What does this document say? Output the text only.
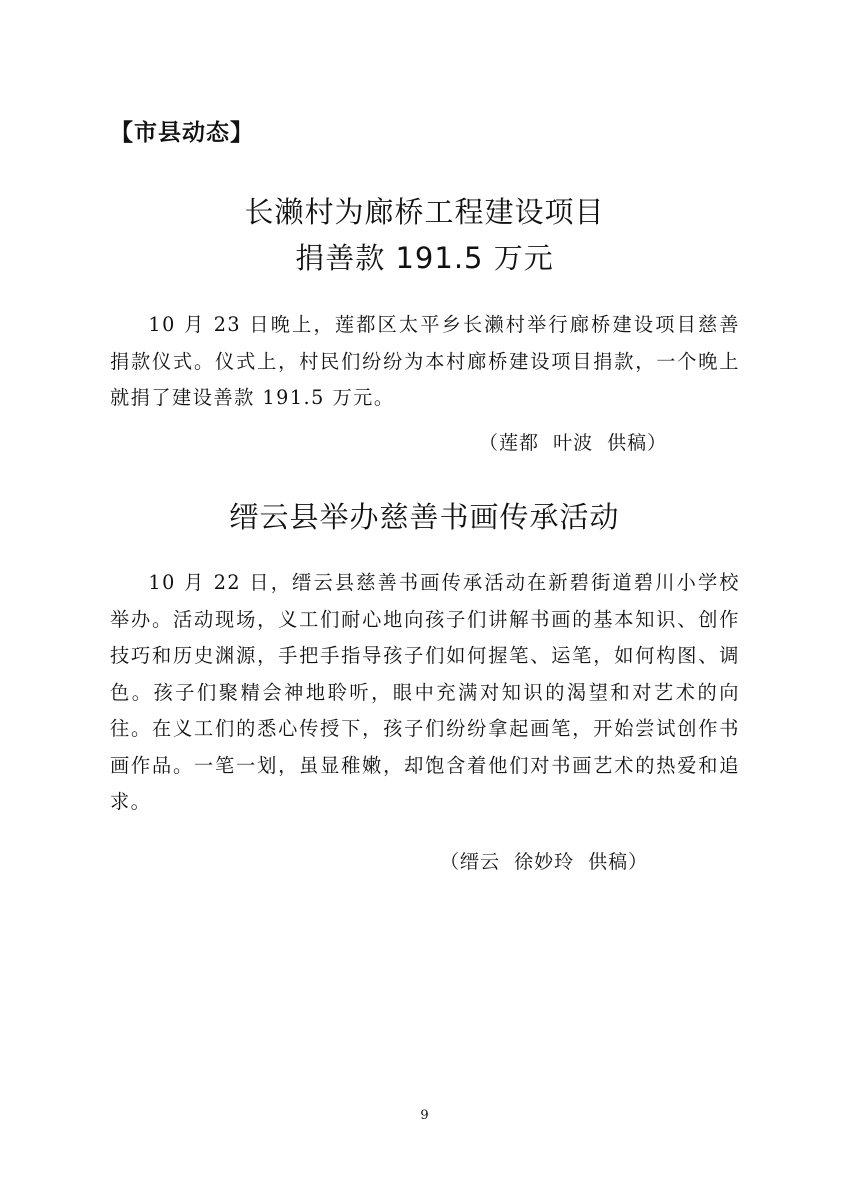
【市县动态】
长濑村为廊桥工程建设项目
捐善款 191.5 万元
10 月 23 日晚上，莲都区太平乡长濑村举行廊桥建设项目慈善捐款仪式。仪式上，村民们纷纷为本村廊桥建设项目捐款，一个晚上就捐了建设善款 191.5 万元。
（莲都  叶波  供稿）
缙云县举办慈善书画传承活动
10 月 22 日，缙云县慈善书画传承活动在新碧街道碧川小学校举办。活动现场，义工们耐心地向孩子们讲解书画的基本知识、创作技巧和历史渊源，手把手指导孩子们如何握笔、运笔，如何构图、调色。孩子们聚精会神地聆听，眼中充满对知识的渴望和对艺术的向往。在义工们的悉心传授下，孩子们纷纷拿起画笔，开始尝试创作书画作品。一笔一划，虽显稚嫩，却饱含着他们对书画艺术的热爱和追求。
（缙云  徐妙玲  供稿）
9
